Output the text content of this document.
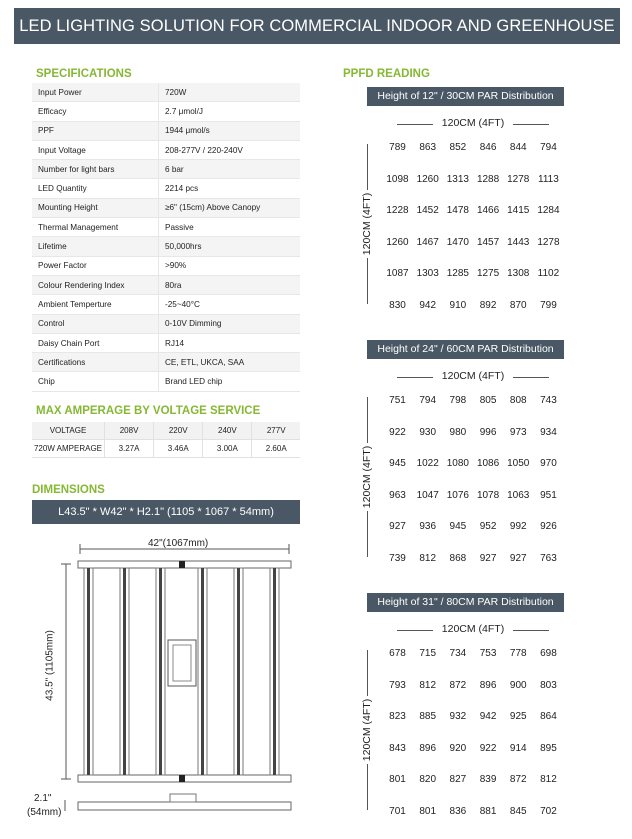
LED LIGHTING SOLUTION FOR COMMERCIAL INDOOR AND GREENHOUSE APPLICATIONS
SPECIFICATIONS
Input Power	720W
Efficacy	2.7 μmol/J
PPF	1944 μmol/s
Input Voltage	208-277V / 220-240V
Number for light bars	6 bar
LED Quantity	2214 pcs
Mounting Height	≥6" (15cm) Above Canopy
Thermal Management	Passive
Lifetime	50,000hrs
Power Factor	>90%
Colour Rendering Index	80ra
Ambient Temperture	-25~40°C
Control	0-10V Dimming
Daisy Chain Port	RJ14
Certifications	CE, ETL, UKCA, SAA
Chip	Brand LED chip
MAX AMPERAGE BY VOLTAGE SERVICE
VOLTAGE	208V	220V	240V	277V
720W AMPERAGE	3.27A	3.46A	3.00A	2.60A
DIMENSIONS
L43.5" * W42" * H2.1" (1105 * 1067 * 54mm)
42"(1067mm)
43.5" (1105mm)
2.1"
(54mm)
PPFD READING
Height of 12" / 30CM PAR Distribution
120CM (4FT)
120CM (4FT)
789	863	852	846	844	794
1098 1260 1313 1288 1278 1113
1228 1452 1478 1466 1415 1284
1260 1467 1470 1457 1443 1278
1087 1303 1285 1275 1308 1102
830	942	910	892	870	799
Height of 24" / 60CM PAR Distribution
120CM (4FT)
120CM (4FT)
751	794	798	805	808	743
922	930	980	996	973	934
945	1022 1080 1086 1050	970
963	1047 1076 1078 1063	951
927	936	945	952	992	926
739	812	868	927	927	763
Height of 31" / 80CM PAR Distribution
120CM (4FT)
120CM (4FT)
678	715	734	753	778	698
793	812	872	896	900	803
823	885	932	942	925	864
843	896	920	922	914	895
801	820	827	839	872	812
701	801	836	881	845	702
